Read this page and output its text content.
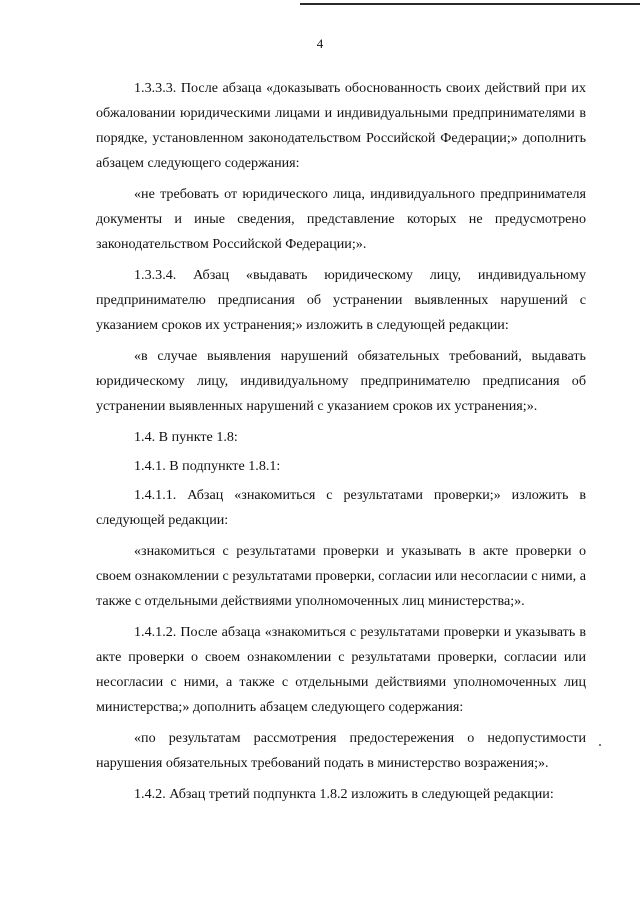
4

1.3.3.3. После абзаца «доказывать обоснованность своих действий при их обжаловании юридическими лицами и индивидуальными предпринимателями в порядке, установленном законодательством Российской Федерации;» дополнить абзацем следующего содержания:

«не требовать от юридического лица, индивидуального предпринимателя документы и иные сведения, представление которых не предусмотрено законодательством Российской Федерации;».

1.3.3.4. Абзац «выдавать юридическому лицу, индивидуальному предпринимателю предписания об устранении выявленных нарушений с указанием сроков их устранения;» изложить в следующей редакции:

«в случае выявления нарушений обязательных требований, выдавать юридическому лицу, индивидуальному предпринимателю предписания об устранении выявленных нарушений с указанием сроков их устранения;».

1.4. В пункте 1.8:

1.4.1. В подпункте 1.8.1:

1.4.1.1. Абзац «знакомиться с результатами проверки;» изложить в следующей редакции:

«знакомиться с результатами проверки и указывать в акте проверки о своем ознакомлении с результатами проверки, согласии или несогласии с ними, а также с отдельными действиями уполномоченных лиц министерства;».

1.4.1.2. После абзаца «знакомиться с результатами проверки и указывать в акте проверки о своем ознакомлении с результатами проверки, согласии или несогласии с ними, а также с отдельными действиями уполномоченных лиц министерства;» дополнить абзацем следующего содержания:

«по результатам рассмотрения предостережения о недопустимости нарушения обязательных требований подать в министерство возражения;».

1.4.2. Абзац третий подпункта 1.8.2 изложить в следующей редакции:
